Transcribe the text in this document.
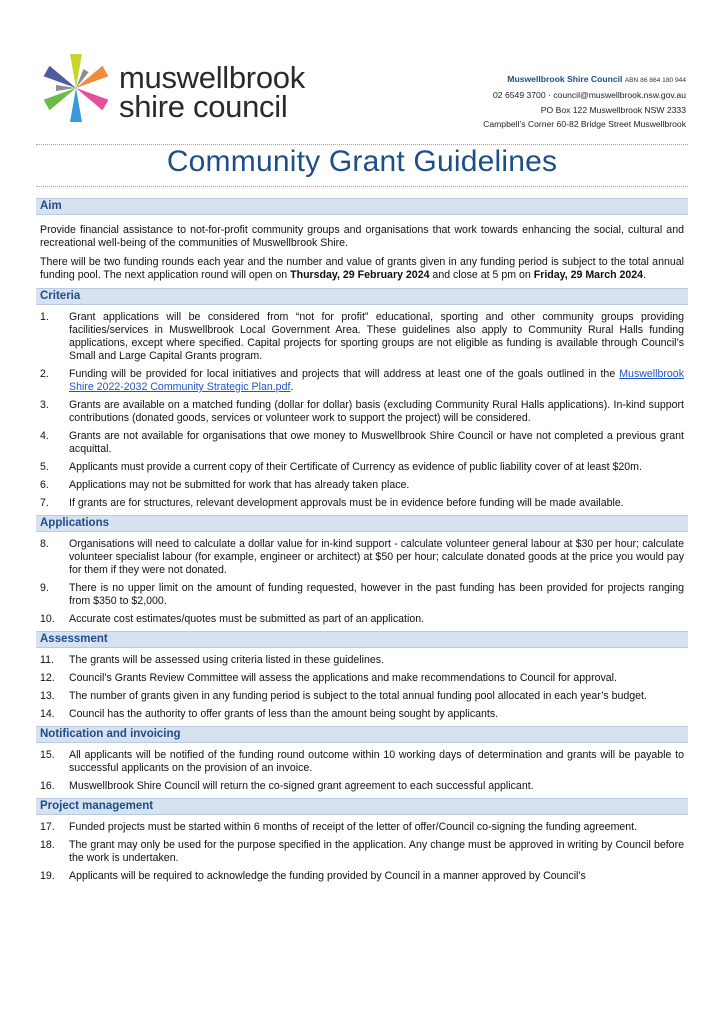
muswellbrook
shire council
Muswellbrook Shire Council ABN 86 864 180 944
02 6549 3700 · council@muswellbrook.nsw.gov.au
PO Box 122 Muswellbrook NSW 2333
Campbell’s Corner 60-82 Bridge Street Muswellbrook
Community Grant Guidelines
Aim

Provide financial assistance to not-for-profit community groups and organisations that work towards enhancing the social, cultural and recreational well-being of the communities of Muswellbrook Shire.

There will be two funding rounds each year and the number and value of grants given in any funding period is subject to the total annual funding pool. The next application round will open on Thursday, 29 February 2024 and close at 5 pm on Friday, 29 March 2024.

Criteria
1. Grant applications will be considered from “not for profit” educational, sporting and other community groups providing facilities/services in Muswellbrook Local Government Area. These guidelines also apply to Community Rural Halls funding applications, except where specified. Capital projects for sporting groups are not eligible as funding is available through Council’s Small and Large Capital Grants program.
2. Funding will be provided for local initiatives and projects that will address at least one of the goals outlined in the Muswellbrook Shire 2022-2032 Community Strategic Plan.pdf.
3. Grants are available on a matched funding (dollar for dollar) basis (excluding Community Rural Halls applications). In-kind support contributions (donated goods, services or volunteer work to support the project) will be considered.
4. Grants are not available for organisations that owe money to Muswellbrook Shire Council or have not completed a previous grant acquittal.
5. Applicants must provide a current copy of their Certificate of Currency as evidence of public liability cover of at least $20m.
6. Applications may not be submitted for work that has already taken place.
7. If grants are for structures, relevant development approvals must be in evidence before funding will be made available.
Applications
8. Organisations will need to calculate a dollar value for in-kind support - calculate volunteer general labour at $30 per hour; calculate volunteer specialist labour (for example, engineer or architect) at $50 per hour; calculate donated goods at the price you would pay for them if they were not donated.
9. There is no upper limit on the amount of funding requested, however in the past funding has been provided for projects ranging from $350 to $2,000.
10. Accurate cost estimates/quotes must be submitted as part of an application.
Assessment
11. The grants will be assessed using criteria listed in these guidelines.
12. Council’s Grants Review Committee will assess the applications and make recommendations to Council for approval.
13. The number of grants given in any funding period is subject to the total annual funding pool allocated in each year’s budget.
14. Council has the authority to offer grants of less than the amount being sought by applicants.
Notification and invoicing
15. All applicants will be notified of the funding round outcome within 10 working days of determination and grants will be payable to successful applicants on the provision of an invoice.
16. Muswellbrook Shire Council will return the co-signed grant agreement to each successful applicant.
Project management
17. Funded projects must be started within 6 months of receipt of the letter of offer/Council co-signing the funding agreement.
18. The grant may only be used for the purpose specified in the application. Any change must be approved in writing by Council before the work is undertaken.
19. Applicants will be required to acknowledge the funding provided by Council in a manner approved by Council’s
